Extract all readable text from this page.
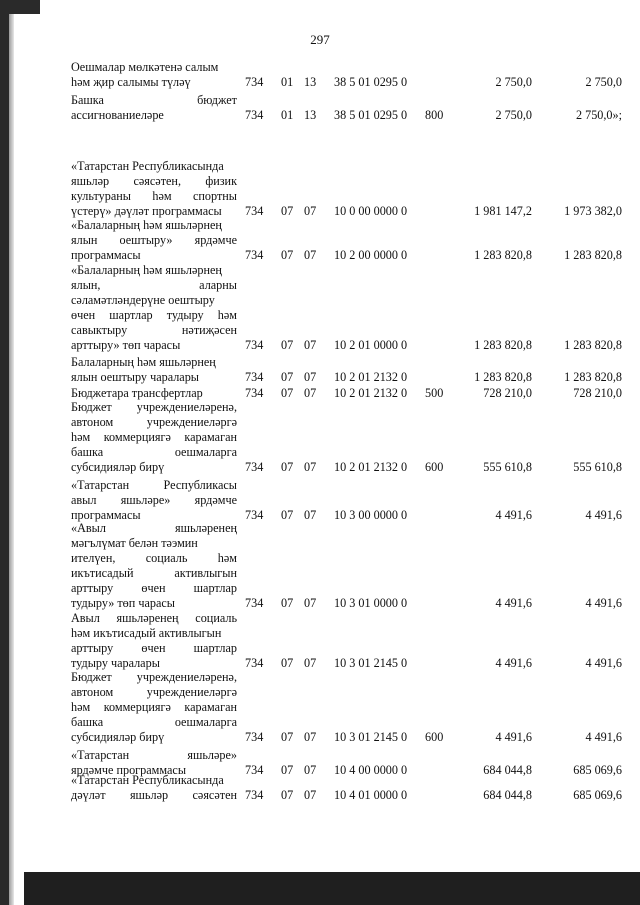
297
Оешмалар мөлкәтенә салым
һәм җир салымы түләү	734 01 13 38 5 01 0295 0	2 750,0	2 750,0
Башка бюджет
ассигнованиеләре	734 01 13 38 5 01 0295 0 800	2 750,0	2 750,0»;
«Татарстан Республикасында
яшьләр сәясәтен, физик
культураны һәм спортны
үстерү» дәүләт программасы	734 07 07 10 0 00 0000 0	1 981 147,2	1 973 382,0
«Балаларның һәм яшьләрнең
ялын оештыру» ярдәмче
программасы	734 07 07 10 2 00 0000 0	1 283 820,8	1 283 820,8
«Балаларның һәм яшьләрнең
ялын, аларны
сәламәтләндерүне оештыру
өчен шартлар тудыру һәм
савыктыру нәтиҗәсен
арттыру» төп чарасы	734 07 07 10 2 01 0000 0	1 283 820,8	1 283 820,8
Балаларның һәм яшьләрнең
ялын оештыру чаралары	734 07 07 10 2 01 2132 0	1 283 820,8	1 283 820,8
Бюджетара трансфертлар	734 07 07 10 2 01 2132 0 500	728 210,0	728 210,0
Бюджет учреждениеләренә,
автоном учреждениеләргә
һәм коммерциягә карамаган
башка оешмаларга
субсидияләр бирү	734 07 07 10 2 01 2132 0 600	555 610,8	555 610,8
«Татарстан Республикасы
авыл яшьләре» ярдәмче
программасы	734 07 07 10 3 00 0000 0	4 491,6	4 491,6
«Авыл яшьләренең
мәгълүмат белән тәэмин
ителүен, социаль һәм
икътисадый активлыгын
арттыру өчен шартлар
тудыру» төп чарасы	734 07 07 10 3 01 0000 0	4 491,6	4 491,6
Авыл яшьләренең социаль
һәм икътисадый активлыгын
арттыру өчен шартлар
тудыру чаралары	734 07 07 10 3 01 2145 0	4 491,6	4 491,6
Бюджет учреждениеләренә,
автоном учреждениеләргә
һәм коммерциягә карамаган
башка оешмаларга
субсидияләр бирү	734 07 07 10 3 01 2145 0 600	4 491,6	4 491,6
«Татарстан яшьләре»
ярдәмче программасы	734 07 07 10 4 00 0000 0	684 044,8	685 069,6
«Татарстан Республикасында
дәүләт яшьләр сәясәтен 734 07 07 10 4 01 0000 0	684 044,8	685 069,6
